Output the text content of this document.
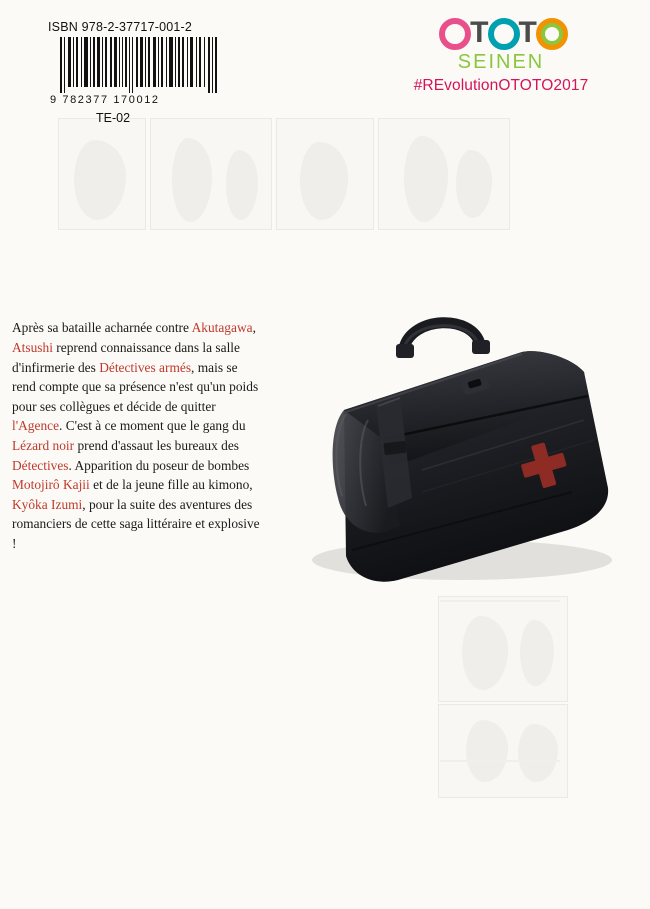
ISBN 978-2-37717-001-2
9 782377 170012
TE-02
T T
SEINEN
#REvolutionOTOTO2017

Après sa bataille acharnée contre Akutagawa, Atsushi reprend connaissance dans la salle d'infirmerie des Détectives armés, mais se rend compte que sa présence n'est qu'un poids pour ses collègues et décide de quitter l'Agence. C'est à ce moment que le gang du Lézard noir prend d'assaut les bureaux des Détectives. Apparition du poseur de bombes Motojirô Kajii et de la jeune fille au kimono, Kyôka Izumi, pour la suite des aventures des romanciers de cette saga littéraire et explosive !
